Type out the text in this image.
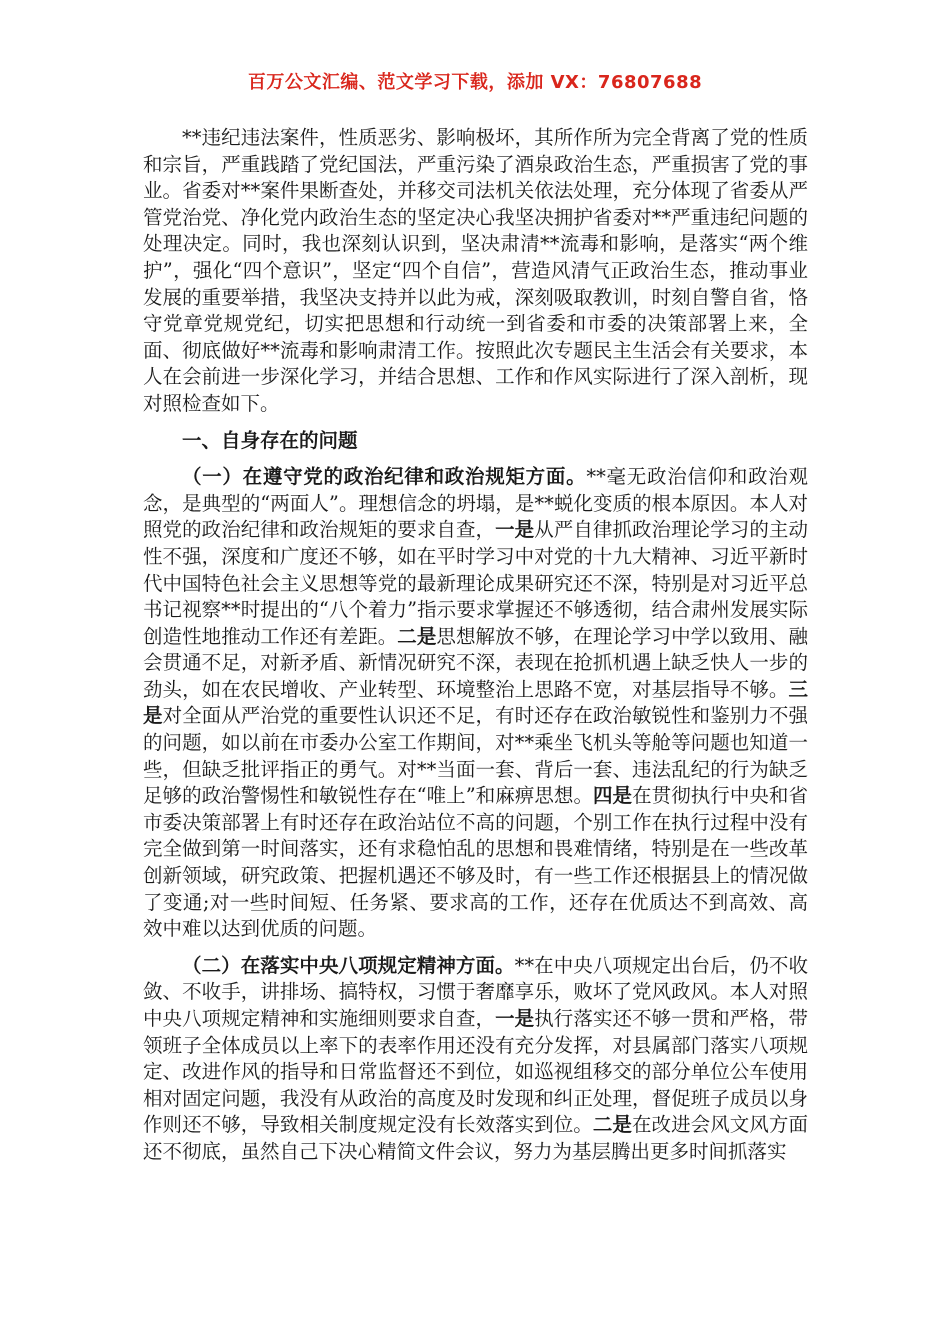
百万公文汇编、范文学习下载，添加 VX：76807688

**违纪违法案件，性质恶劣、影响极坏，其所作所为完全背离了党的性质和宗旨，严重践踏了党纪国法，严重污染了酒泉政治生态，严重损害了党的事业。省委对**案件果断查处，并移交司法机关依法处理，充分体现了省委从严管党治党、净化党内政治生态的坚定决心我坚决拥护省委对**严重违纪问题的处理决定。同时，我也深刻认识到，坚决肃清**流毒和影响，是落实“两个维护”，强化“四个意识”，坚定“四个自信”，营造风清气正政治生态，推动事业发展的重要举措，我坚决支持并以此为戒，深刻吸取教训，时刻自警自省，恪守党章党规党纪，切实把思想和行动统一到省委和市委的决策部署上来，全面、彻底做好**流毒和影响肃清工作。按照此次专题民主生活会有关要求，本人在会前进一步深化学习，并结合思想、工作和作风实际进行了深入剖析，现对照检查如下。

一、自身存在的问题

（一）在遵守党的政治纪律和政治规矩方面。**毫无政治信仰和政治观念，是典型的“两面人”。理想信念的坍塌，是**蜕化变质的根本原因。本人对照党的政治纪律和政治规矩的要求自查，一是从严自律抓政治理论学习的主动性不强，深度和广度还不够，如在平时学习中对党的十九大精神、习近平新时代中国特色社会主义思想等党的最新理论成果研究还不深，特别是对习近平总书记视察**时提出的“八个着力”指示要求掌握还不够透彻，结合肃州发展实际创造性地推动工作还有差距。二是思想解放不够，在理论学习中学以致用、融会贯通不足，对新矛盾、新情况研究不深，表现在抢抓机遇上缺乏快人一步的劲头，如在农民增收、产业转型、环境整治上思路不宽，对基层指导不够。三是对全面从严治党的重要性认识还不足，有时还存在政治敏锐性和鉴别力不强的问题，如以前在市委办公室工作期间，对**乘坐飞机头等舱等问题也知道一些，但缺乏批评指正的勇气。对**当面一套、背后一套、违法乱纪的行为缺乏足够的政治警惕性和敏锐性存在“唯上”和麻痹思想。四是在贯彻执行中央和省市委决策部署上有时还存在政治站位不高的问题，个别工作在执行过程中没有完全做到第一时间落实，还有求稳怕乱的思想和畏难情绪，特别是在一些改革创新领域，研究政策、把握机遇还不够及时，有一些工作还根据县上的情况做了变通;对一些时间短、任务紧、要求高的工作，还存在优质达不到高效、高效中难以达到优质的问题。

（二）在落实中央八项规定精神方面。**在中央八项规定出台后，仍不收敛、不收手，讲排场、搞特权，习惯于奢靡享乐，败坏了党风政风。本人对照中央八项规定精神和实施细则要求自查，一是执行落实还不够一贯和严格，带领班子全体成员以上率下的表率作用还没有充分发挥，对县属部门落实八项规定、改进作风的指导和日常监督还不到位，如巡视组移交的部分单位公车使用相对固定问题，我没有从政治的高度及时发现和纠正处理，督促班子成员以身作则还不够，导致相关制度规定没有长效落实到位。二是在改进会风文风方面还不彻底，虽然自己下决心精简文件会议，努力为基层腾出更多时间抓落实
